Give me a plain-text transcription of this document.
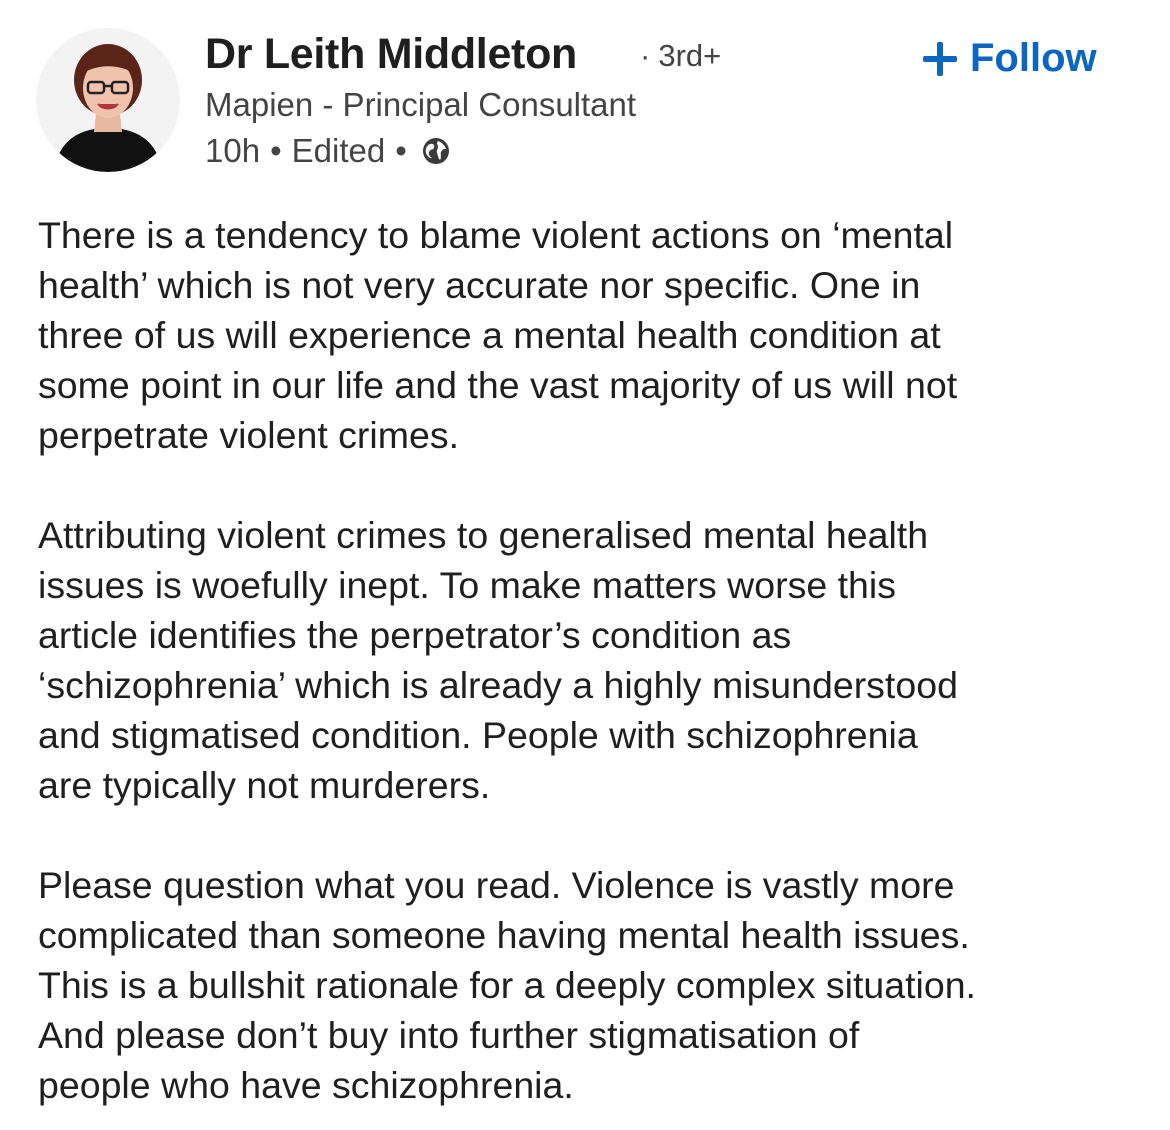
Dr Leith Middleton · 3rd+	Follow
Mapien - Principal Consultant
10h • Edited •

There is a tendency to blame violent actions on ‘mental
health’ which is not very accurate nor specific. One in
three of us will experience a mental health condition at
some point in our life and the vast majority of us will not
perpetrate violent crimes.

Attributing violent crimes to generalised mental health
issues is woefully inept. To make matters worse this
article identifies the perpetrator’s condition as
‘schizophrenia’ which is already a highly misunderstood
and stigmatised condition. People with schizophrenia
are typically not murderers.

Please question what you read. Violence is vastly more
complicated than someone having mental health issues.
This is a bullshit rationale for a deeply complex situation.
And please don’t buy into further stigmatisation of
people who have schizophrenia.
